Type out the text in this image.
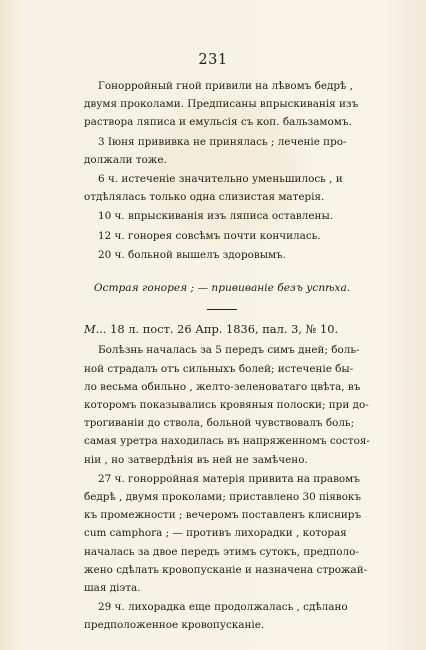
231
Гонорройный гной привили на лѣвомъ бедрѣ ,
двумя проколами. Предписаны впрыскиванiя изъ
раствора ляписа и емульсiя съ коп. бальзамомъ.
3 Iюня прививка не принялась ; леченiе про-
должали тоже.
6 ч. истеченiе значительно уменьшилось , и
отдѣлялась только одна слизистая матерiя.
10 ч. впрыскиванiя изъ ляписа оставлены.
12 ч. гонорея совсѣмъ почти кончилась.
20 ч. больной вышелъ здоровымъ.
Острая гонорея ; — прививанiе безъ успѣха.
М... 18 л. поcт. 26 Апр. 1836, пал. 3, № 10.
Болѣзнь началась за 5 передъ симъ дней; боль-
ной страдалъ отъ сильныхъ болей; истеченiе бы-
ло весьма обильно , желто-зеленоватаго цвѣта, въ
которомъ показывались кровяныя полоски; при до-
трогиванiи до ствола, больной чувствовалъ боль;
самая урeтра находилась въ напряженномъ состоя-
нiи , но затвердѣнiя въ ней не замѣчено.
27 ч. гонорройная матерiя привита на правомъ
бедрѣ , двумя проколами; приставлено 30 пiявокъ
къ промежности ; вечеромъ поставленъ клисниръ
cum camphora ; — противъ лихорадки , которая
началась за двое передъ этимъ сутокъ, предполо-
жено сдѣлать кровопусканiе и назначена строжай-
шая дiэта.
29 ч. лихорадка еще продолжалась , сдѣлано
предположенное кровопусканiе.
